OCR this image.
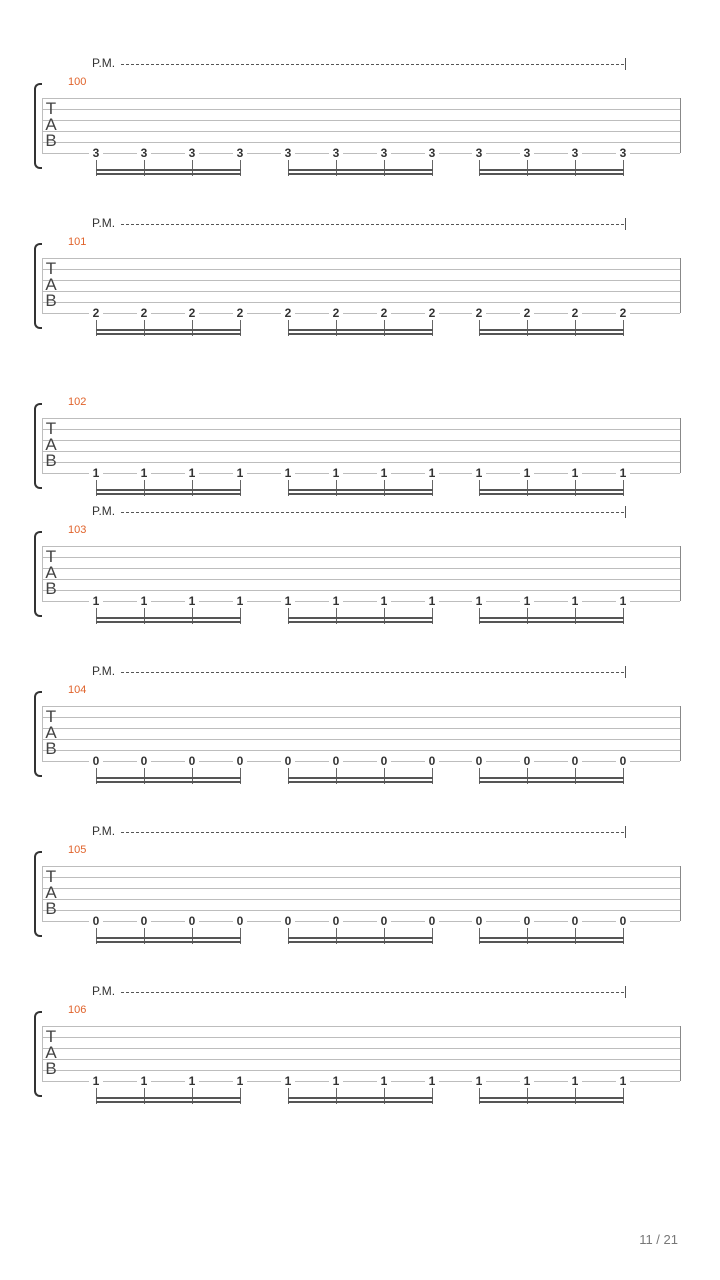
P.M.
100
T
A
B
3	3	3	3	3	3	3	3	3	3	3	3
P.M.
101
T
A
B
2	2	2	2	2	2	2	2	2	2	2	2
102
T
A
B
1	1	1	1	1	1	1	1	1	1	1	1
P.M.
103
T
A
B
1	1	1	1	1	1	1	1	1	1	1	1
P.M.
104
T
A
B
0	0	0	0	0	0	0	0	0	0	0	0
P.M.
105
T
A
B
0	0	0	0	0	0	0	0	0	0	0	0
P.M.
106
T
A
B
1	1	1	1	1	1	1	1	1	1	1	1
11 / 21
